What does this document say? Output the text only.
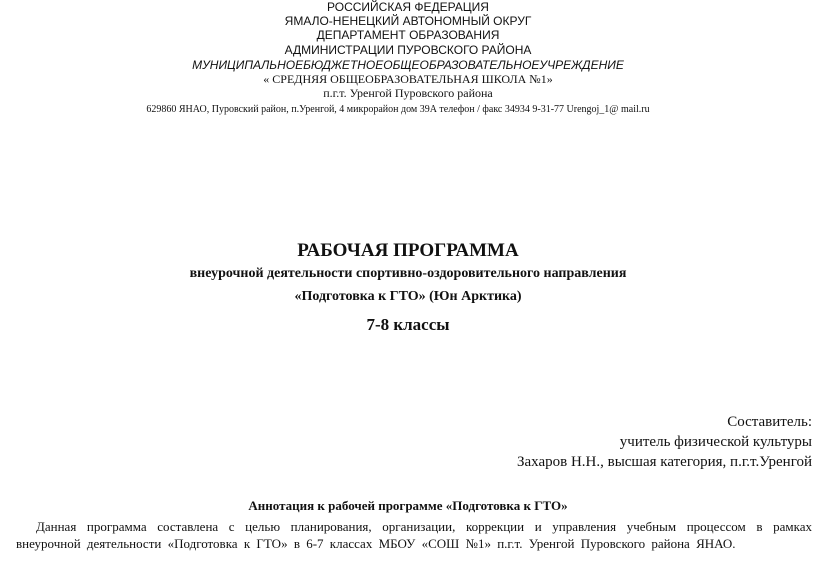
РОССИЙСКАЯ ФЕДЕРАЦИЯ
ЯМАЛО-НЕНЕЦКИЙ АВТОНОМНЫЙ ОКРУГ
ДЕПАРТАМЕНТ ОБРАЗОВАНИЯ
АДМИНИСТРАЦИИ ПУРОВСКОГО РАЙОНА
МУНИЦИПАЛЬНОЕБЮДЖЕТНОЕОБЩЕОБРАЗОВАТЕЛЬНОЕУЧРЕЖДЕНИЕ
« СРЕДНЯЯ ОБЩЕОБРАЗОВАТЕЛЬНАЯ ШКОЛА №1»
п.г.т. Уренгой Пуровского района
629860 ЯНАО, Пуровский район, п.Уренгой, 4 микрорайон дом 39А телефон / факс 34934 9-31-77 Urengoj_1@ mail.ru
РАБОЧАЯ ПРОГРАММА
внеурочной деятельности спортивно-оздоровительного направления
«Подготовка к ГТО» (Юн Арктика)
7-8 классы
Составитель:
учитель физической культуры
Захаров Н.Н., высшая категория, п.г.т.Уренгой
Аннотация к рабочей программе «Подготовка к ГТО»
Данная программа составлена с целью планирования, организации, коррекции и управления учебным процессом в рамках внеурочной деятельности «Подготовка к ГТО» в 6-7 классах МБОУ «СОШ №1» п.г.т. Уренгой Пуровского района ЯНАО.
